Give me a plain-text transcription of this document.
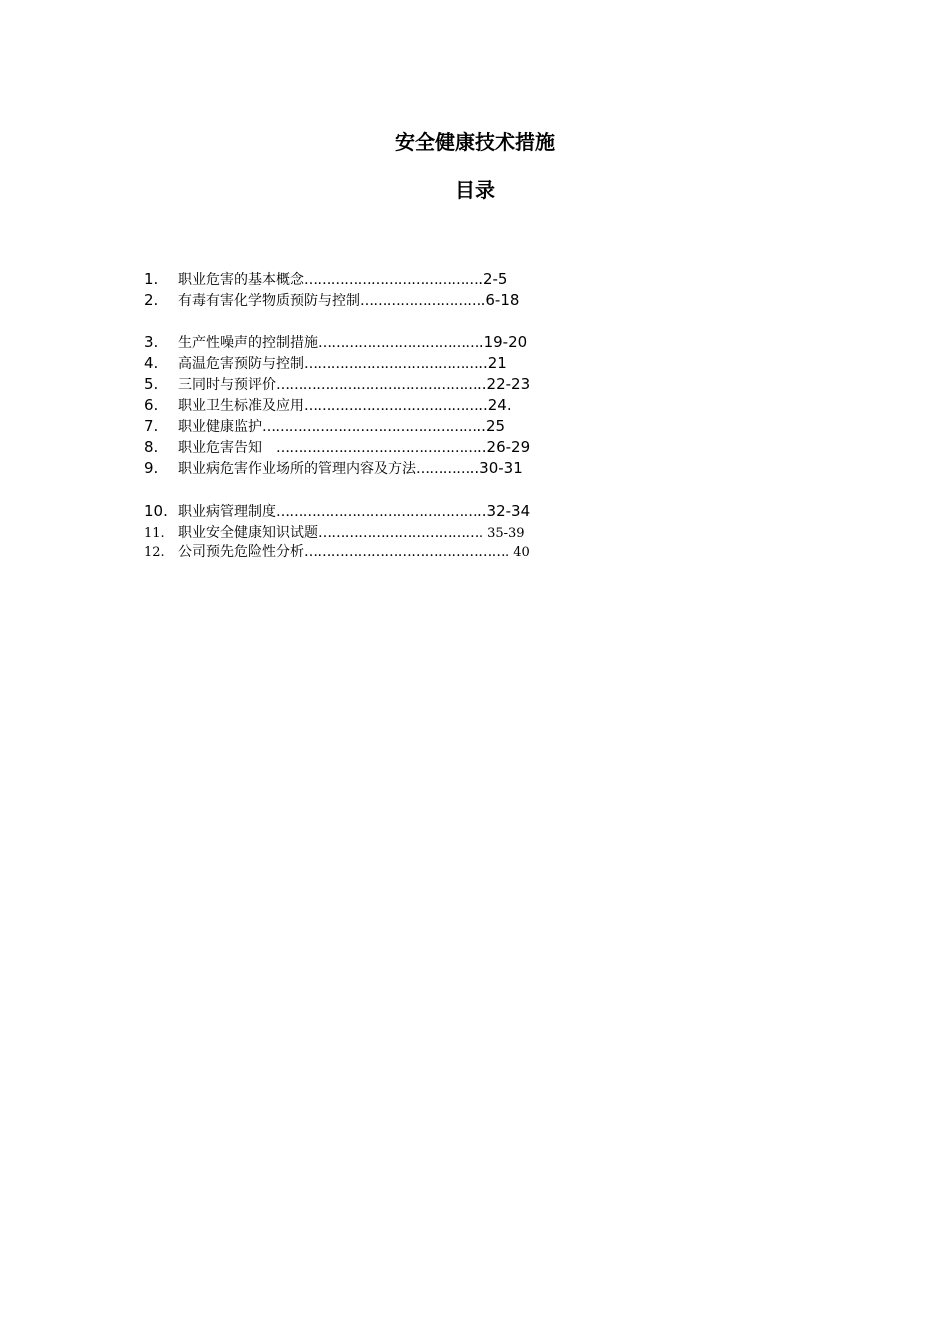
安全健康技术措施
目录
1. 职业危害的基本概念………………………………….2-5
2. 有毒有害化学物质预防与控制……………………….6-18
3. 生产性噪声的控制措施……………………………….19-20
4. 高温危害预防与控制…………………………………..21
5. 三同时与预评价………………………………………..22-23
6. 职业卫生标准及应用…………………………………..24.
7. 职业健康监护…………………………………………..25
8. 职业危害告知　………………………………………..26-29
9. 职业病危害作业场所的管理内容及方法…………..30-31
10. 职业病管理制度………………………………………..32-34
11. 职业安全健康知识试题………………………………. 35-39
12. 公司预先危险性分析………………………………………. 40
